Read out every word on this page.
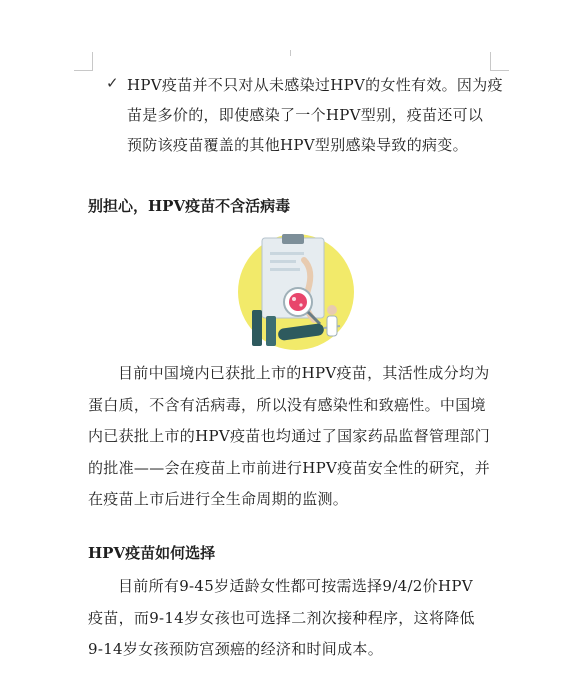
✓ HPV疫苗并不只对从未感染过HPV的女性有效。因为疫
苗是多价的，即使感染了一个HPV型别，疫苗还可以
预防该疫苗覆盖的其他HPV型别感染导致的病变。
别担心，HPV疫苗不含活病毒
目前中国境内已获批上市的HPV疫苗，其活性成分均为
蛋白质，不含有活病毒，所以没有感染性和致癌性。中国境
内已获批上市的HPV疫苗也均通过了国家药品监督管理部门
的批准——会在疫苗上市前进行HPV疫苗安全性的研究，并
在疫苗上市后进行全生命周期的监测。
HPV疫苗如何选择
目前所有9-45岁适龄女性都可按需选择9/4/2价HPV
疫苗，而9-14岁女孩也可选择二剂次接种程序，这将降低
9-14岁女孩预防宫颈癌的经济和时间成本。
